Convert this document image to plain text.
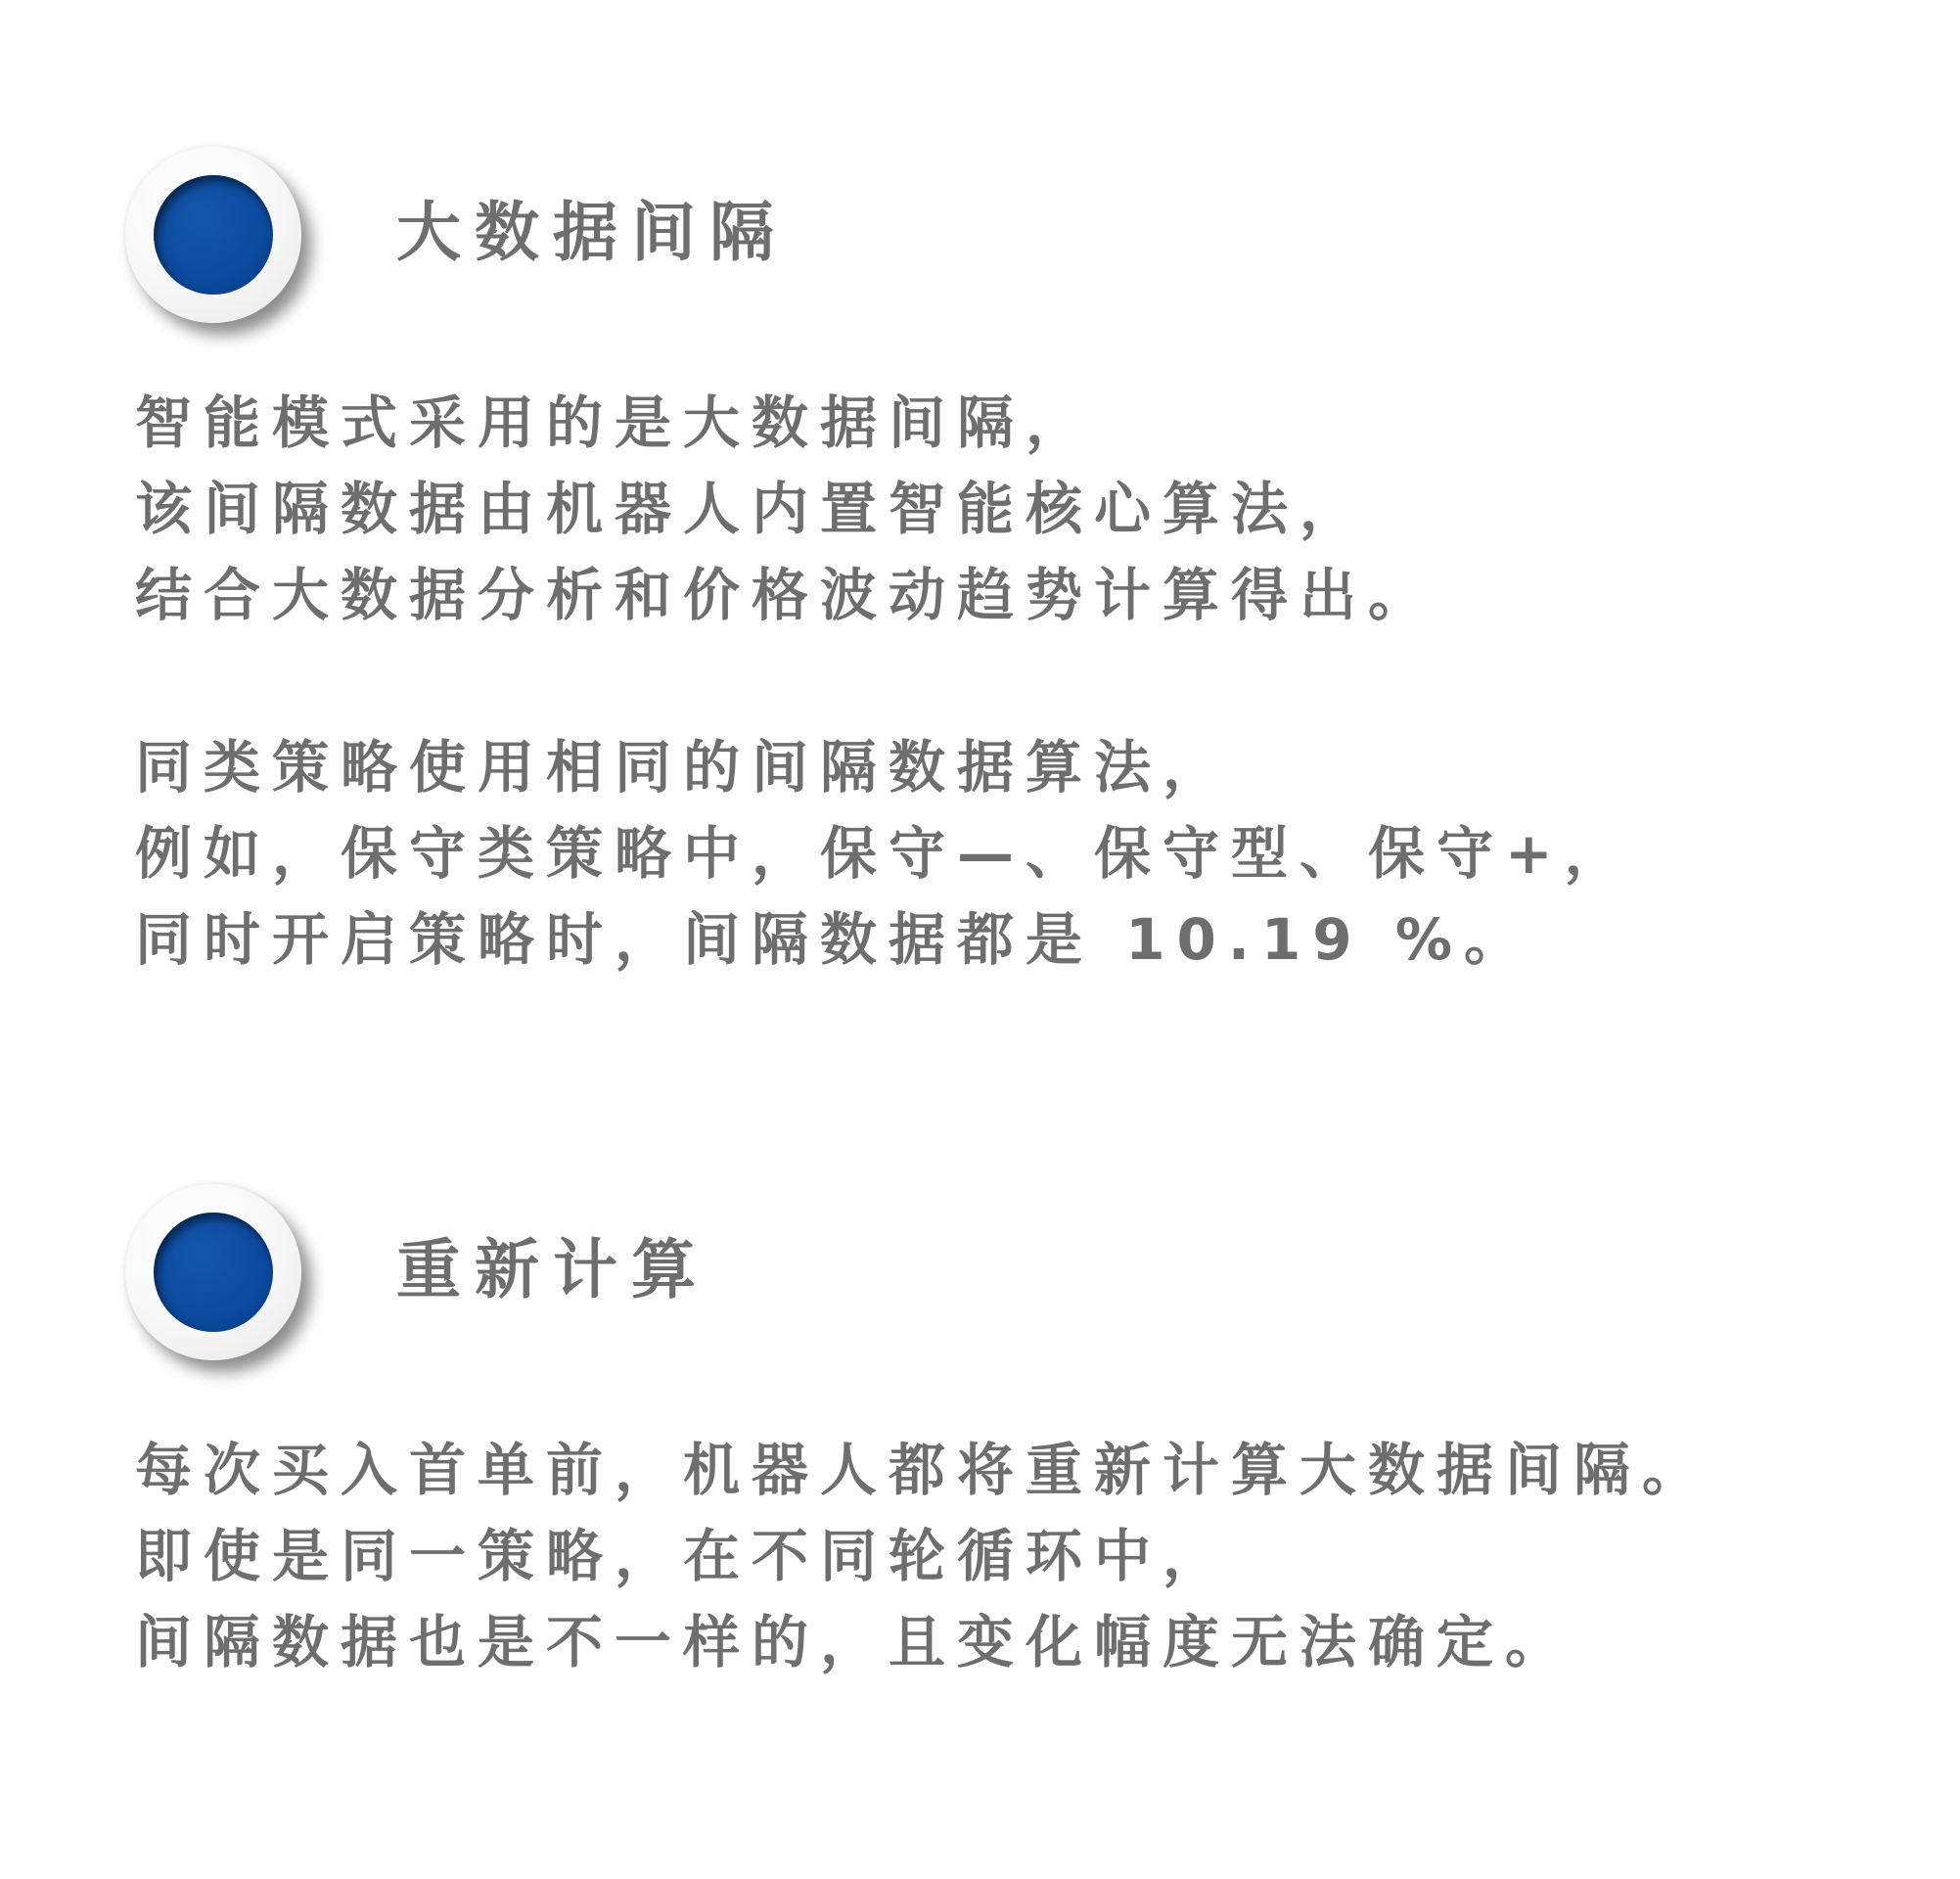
大数据间隔

智能模式采用的是大数据间隔，
该间隔数据由机器人内置智能核心算法，
结合大数据分析和价格波动趋势计算得出。

同类策略使用相同的间隔数据算法，
例如，保守类策略中，保守—、保守型、保守+，
同时开启策略时，间隔数据都是 10.19 %。

重新计算

每次买入首单前，机器人都将重新计算大数据间隔。
即使是同一策略，在不同轮循环中，
间隔数据也是不一样的，且变化幅度无法确定。
